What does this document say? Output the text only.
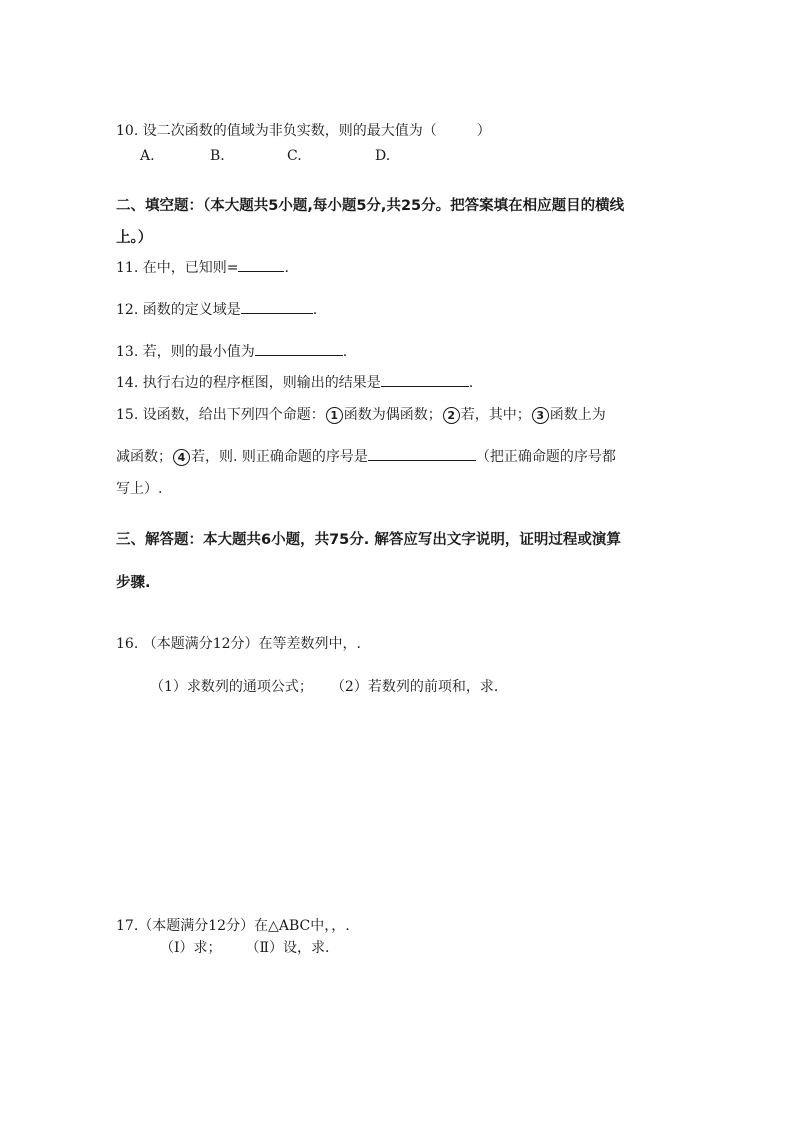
10. 设二次函数的值域为非负实数，则的最大值为（	）
A.	B.	C.	D.
二、填空题：（本大题共5小题,每小题5分,共25分。把答案填在相应题目的横线
上。）
11. 在中，已知则=	.
12. 函数的定义域是	.
13. 若，则的最小值为	.
14. 执行右边的程序框图，则输出的结果是	.
15. 设函数，给出下列四个命题： 1 函数为偶函数； 2 若，其中； 3 函数上为
减函数； 4 若，则. 则正确命题的序号是	（把正确命题的序号都
写上）.
三、解答题：本大题共6小题，共75分. 解答应写出文字说明，证明过程或演算
步骤.
16. （本题满分12分）在等差数列中，.
（1）求数列的通项公式； （2）若数列的前项和，求.
17.（本题满分12分）在△ABC中，，.
（Ⅰ）求； （Ⅱ）设，求.
